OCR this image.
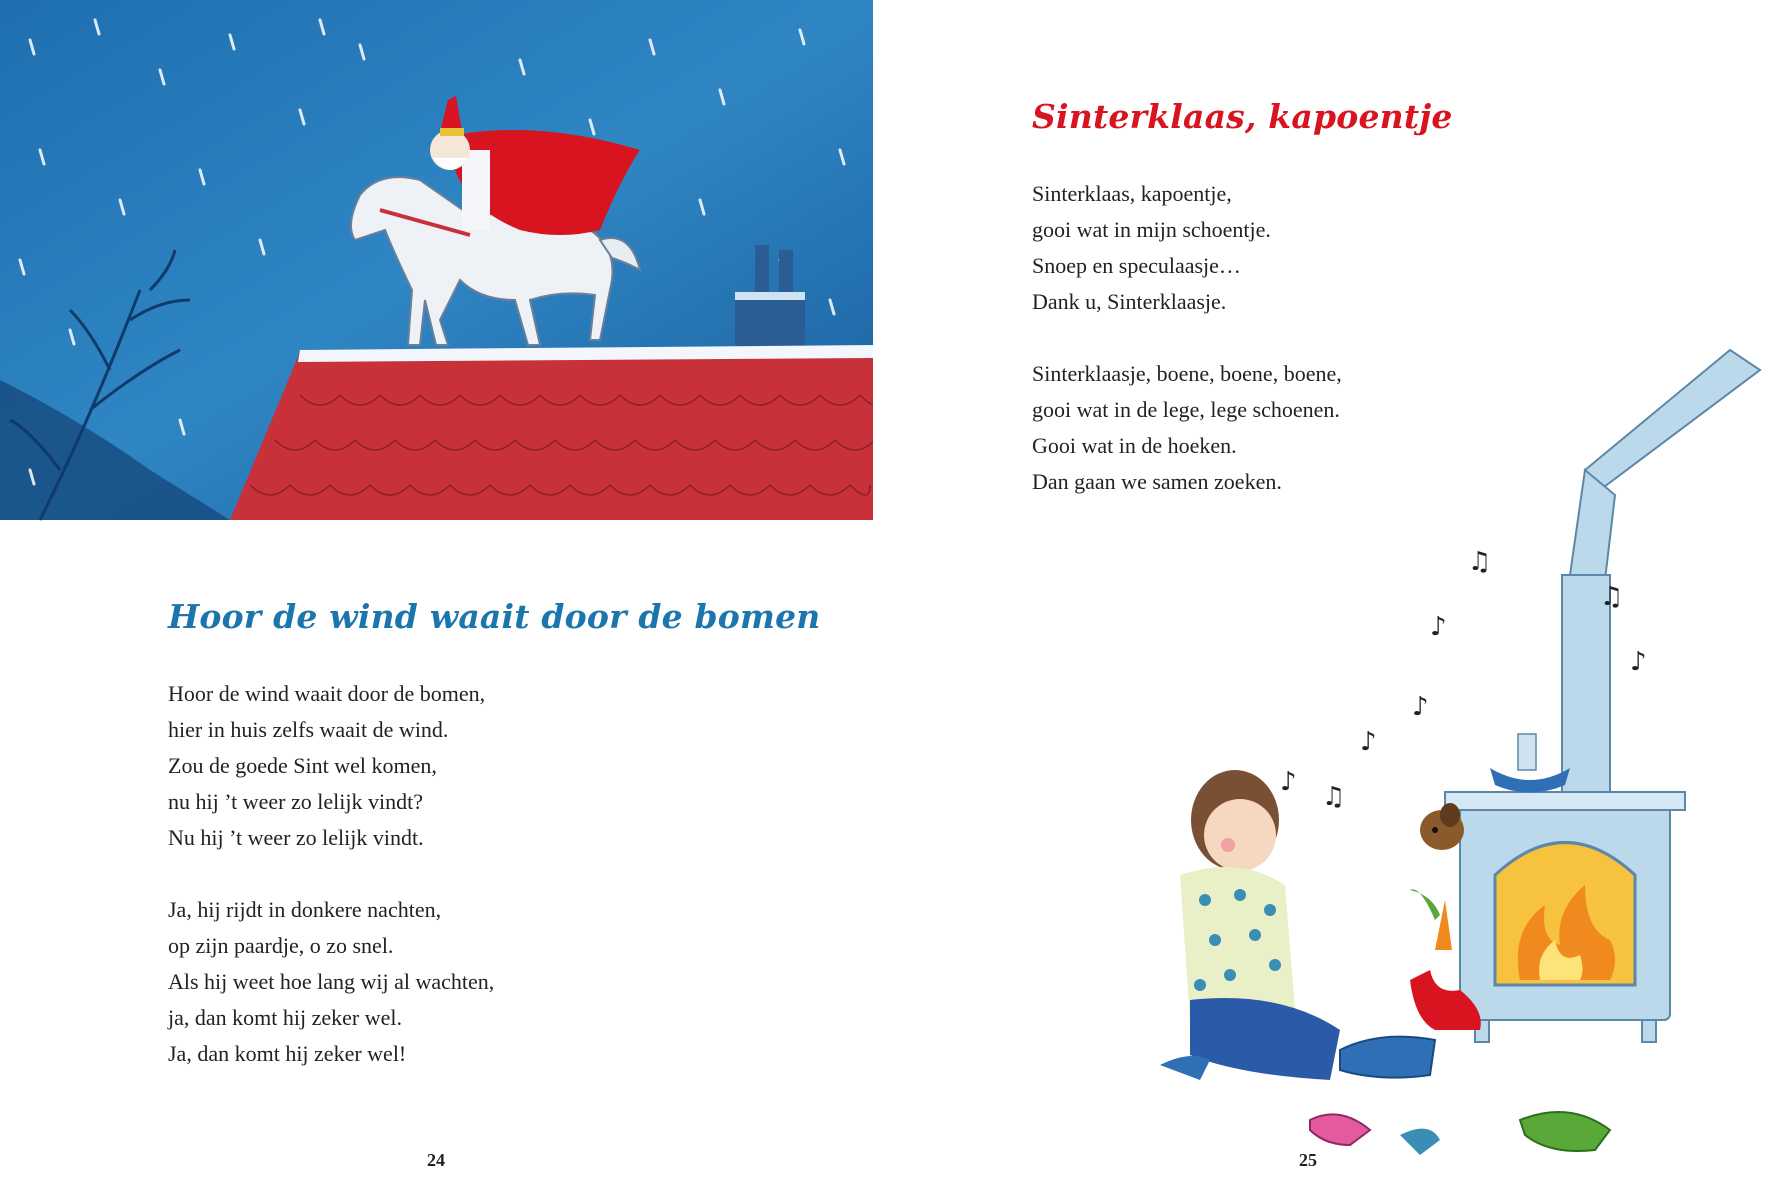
Hoor de wind waait door de bomen

Hoor de wind waait door de bomen,
hier in huis zelfs waait de wind.
Zou de goede Sint wel komen,
nu hij ’t weer zo lelijk vindt?
Nu hij ’t weer zo lelijk vindt.

Ja, hij rijdt in donkere nachten,
op zijn paardje, o zo snel.
Als hij weet hoe lang wij al wachten,
ja, dan komt hij zeker wel.
Ja, dan komt hij zeker wel!

24
Sinterklaas, kapoentje

Sinterklaas, kapoentje,
gooi wat in mijn schoentje.
Snoep en speculaasje…
Dank u, Sinterklaasje.

Sinterklaasje, boene, boene, boene,
gooi wat in de lege, lege schoenen.
Gooi wat in de hoeken.
Dan gaan we samen zoeken.

♪ ♫
♪
♪
♪
♫
♫
♪
25
